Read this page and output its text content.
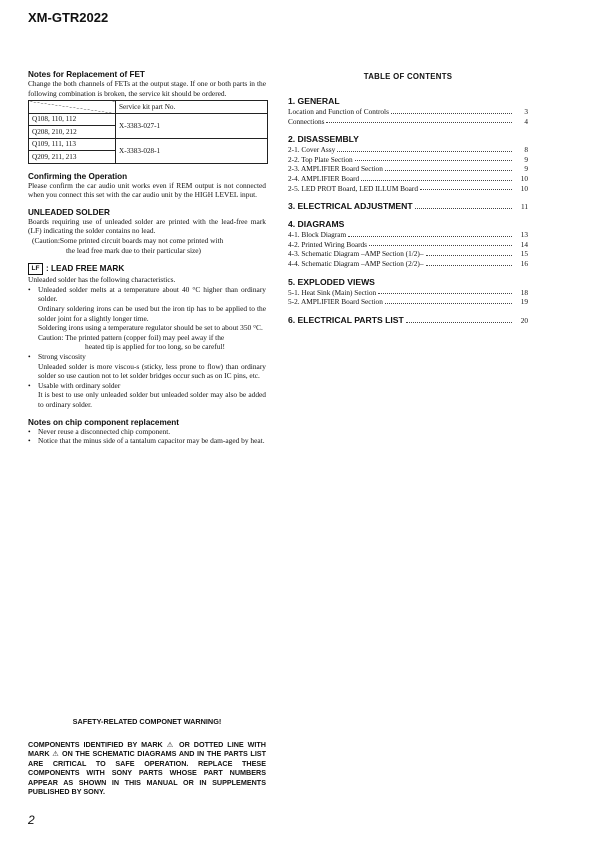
XM-GTR2022

Notes for Replacement of FET

Change the both channels of FETs at the output stage. If one or both parts in the following combination is broken, the service kit should be ordered.

	Service kit part No.
Q108, 110, 112	X-3383-027-1
Q208, 210, 212	
Q109, 111, 113	X-3383-028-1
Q209, 211, 213	

Confirming the Operation

Please confirm the car audio unit works even if REM output is not connected when you connect this set with the car audio unit by the HIGH LEVEL input.

UNLEADED SOLDER

Boards requiring use of unleaded solder are printed with the lead-free mark (LF) indicating the solder contains no lead.

(Caution:Some printed circuit boards may not come printed with

the lead free mark due to their particular size)

LF : LEAD FREE MARK

Unleaded solder has the following characteristics.

• Unleaded solder melts at a temperature about 40 °C higher than ordinary solder.
Ordinary soldering irons can be used but the iron tip has to be applied to the solder joint for a slightly longer time.
Soldering irons using a temperature regulator should be set to about 350 °C.
Caution: The printed pattern (copper foil) may peel away if the
heated tip is applied for too long, so be careful!
• Strong viscosity
Unleaded solder is more viscou-s (sticky, less prone to flow) than ordinary solder so use caution not to let solder bridges occur such as on IC pins, etc.
• Usable with ordinary solder
It is best to use only unleaded solder but unleaded solder may also be added to ordinary solder.

Notes on chip component replacement

• Never reuse a disconnected chip component.
• Notice that the minus side of a tantalum capacitor may be dam-aged by heat.

TABLE OF CONTENTS

1. GENERAL

Location and Function of Controls	3
Connections	4

2. DISASSEMBLY

2-1. Cover Assy	8
2-2. Top Plate Section	9
2-3. AMPLIFIER Board Section	9
2-4. AMPLIFIER Board	10
2-5. LED PROT Board, LED ILLUM Board	10
3. ELECTRICAL ADJUSTMENT	11

4. DIAGRAMS

4-1. Block Diagram	13
4-2. Printed Wiring Boards	14
4-3. Schematic Diagram –AMP Section (1/2)–	15
4-4. Schematic Diagram –AMP Section (2/2)–	16

5. EXPLODED VIEWS

5-1. Heat Sink (Main) Section	18
5-2. AMPLIFIER Board Section	19
6. ELECTRICAL PARTS LIST	20

SAFETY-RELATED COMPONET WARNING!

COMPONENTS IDENTIFIED BY MARK ⚠ OR DOTTED LINE WITH MARK ⚠ ON THE SCHEMATIC DIAGRAMS AND IN THE PARTS LIST ARE CRITICAL TO SAFE OPERATION. REPLACE THESE COMPONENTS WITH SONY PARTS WHOSE PART NUMBERS APPEAR AS SHOWN IN THIS MANUAL OR IN SUPPLEMENTS PUBLISHED BY SONY.

2
